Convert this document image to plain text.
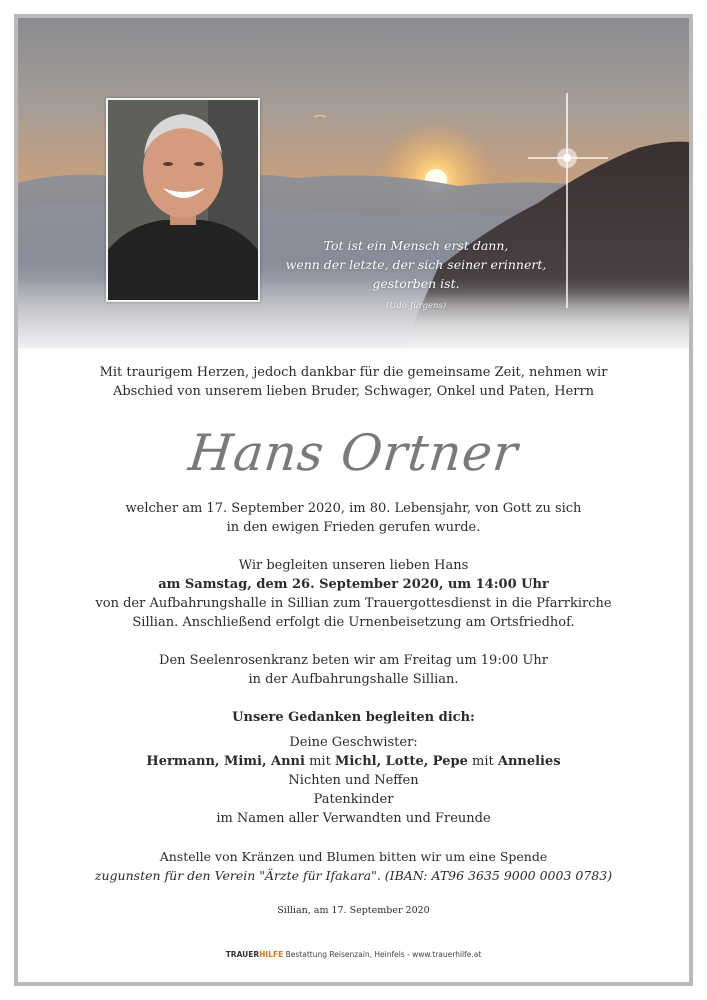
Tot ist ein Mensch erst dann,
wenn der letzte, der sich seiner erinnert,
gestorben ist.
(Udo Jürgens)

Mit traurigem Herzen, jedoch dankbar für die gemeinsame Zeit, nehmen wir
Abschied von unserem lieben Bruder, Schwager, Onkel und Paten, Herrn

Hans Ortner

welcher am 17. September 2020, im 80. Lebensjahr, von Gott zu sich
in den ewigen Frieden gerufen wurde.

Wir begleiten unseren lieben Hans
am Samstag, dem 26. September 2020, um 14:00 Uhr
von der Aufbahrungshalle in Sillian zum Trauergottesdienst in die Pfarrkirche
Sillian. Anschließend erfolgt die Urnenbeisetzung am Ortsfriedhof.

Den Seelenrosenkranz beten wir am Freitag um 19:00 Uhr
in der Aufbahrungshalle Sillian.

Unsere Gedanken begleiten dich:
Deine Geschwister:
Hermann, Mimi, Anni mit Michl, Lotte, Pepe mit Annelies
Nichten und Neffen
Patenkinder
im Namen aller Verwandten und Freunde

Anstelle von Kränzen und Blumen bitten wir um eine Spende
zugunsten für den Verein "Ärzte für Ifakara". (IBAN: AT96 3635 9000 0003 0783)

Sillian, am 17. September 2020

TRAUERHILFE Bestattung Reisenzain, Heinfels - www.trauerhilfe.at
